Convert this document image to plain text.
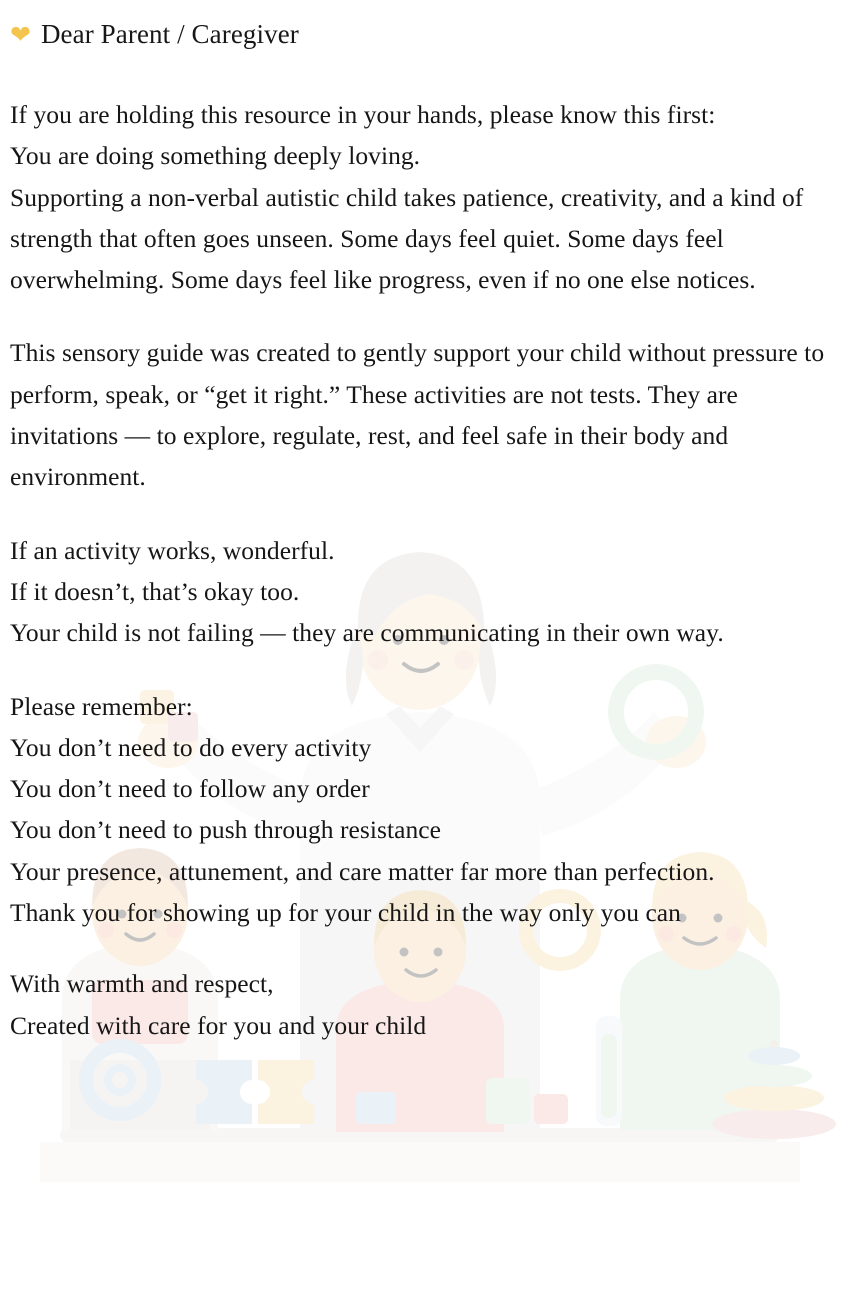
❤ Dear Parent / Caregiver

If you are holding this resource in your hands, please know this first:

You are doing something deeply loving.

Supporting a non-verbal autistic child takes patience, creativity, and a kind of strength that often goes unseen. Some days feel quiet. Some days feel overwhelming. Some days feel like progress, even if no one else notices.

This sensory guide was created to gently support your child without pressure to perform, speak, or “get it right.” These activities are not tests. They are invitations — to explore, regulate, rest, and feel safe in their body and environment.

If an activity works, wonderful.

If it doesn’t, that’s okay too.

Your child is not failing — they are communicating in their own way.

Please remember:

You don’t need to do every activity

You don’t need to follow any order

You don’t need to push through resistance

Your presence, attunement, and care matter far more than perfection.

Thank you for showing up for your child in the way only you can

With warmth and respect,

Created with care for you and your child
